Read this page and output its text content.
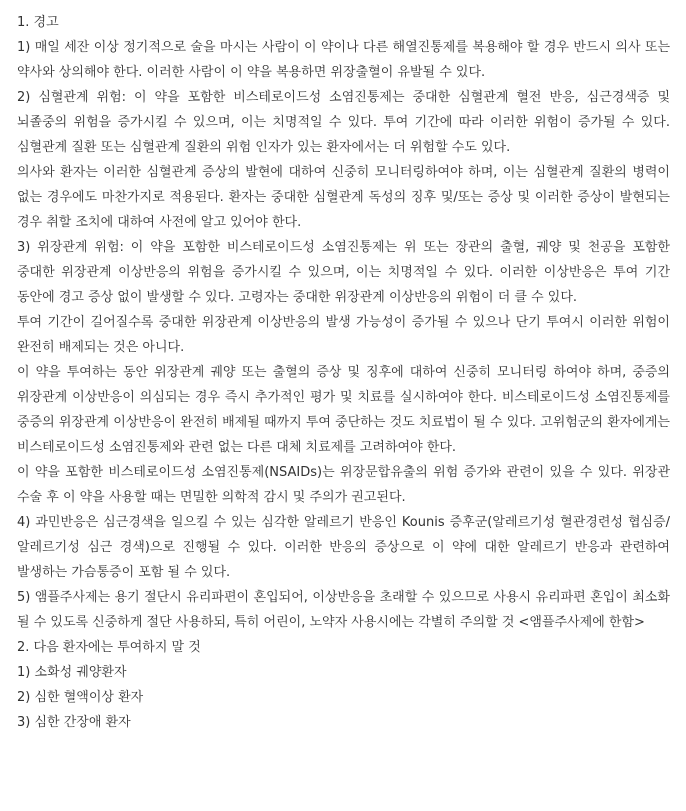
1. 경고

1) 매일 세잔 이상 정기적으로 술을 마시는 사람이 이 약이나 다른 해열진통제를 복용해야 할 경우 반드시 의사 또는 약사와 상의해야 한다. 이러한 사람이 이 약을 복용하면 위장출혈이 유발될 수 있다.

2) 심혈관계 위험: 이 약을 포함한 비스테로이드성 소염진통제는 중대한 심혈관계 혈전 반응, 심근경색증 및 뇌졸중의 위험을 증가시킬 수 있으며, 이는 치명적일 수 있다. 투여 기간에 따라 이러한 위험이 증가될 수 있다. 심혈관계 질환 또는 심혈관계 질환의 위험 인자가 있는 환자에서는 더 위험할 수도 있다.

의사와 환자는 이러한 심혈관계 증상의 발현에 대하여 신중히 모니터링하여야 하며, 이는 심혈관계 질환의 병력이 없는 경우에도 마찬가지로 적용된다. 환자는 중대한 심혈관계 독성의 징후 및/또는 증상 및 이러한 증상이 발현되는 경우 취할 조치에 대하여 사전에 알고 있어야 한다.

3) 위장관계 위험: 이 약을 포함한 비스테로이드성 소염진통제는 위 또는 장관의 출혈, 궤양 및 천공을 포함한 중대한 위장관계 이상반응의 위험을 증가시킬 수 있으며, 이는 치명적일 수 있다. 이러한 이상반응은 투여 기간 동안에 경고 증상 없이 발생할 수 있다. 고령자는 중대한 위장관계 이상반응의 위험이 더 클 수 있다.

투여 기간이 길어질수록 중대한 위장관계 이상반응의 발생 가능성이 증가될 수 있으나 단기 투여시 이러한 위험이 완전히 배제되는 것은 아니다.

이 약을 투여하는 동안 위장관계 궤양 또는 출혈의 증상 및 징후에 대하여 신중히 모니터링 하여야 하며, 중증의 위장관계 이상반응이 의심되는 경우 즉시 추가적인 평가 및 치료를 실시하여야 한다. 비스테로이드성 소염진통제를 중증의 위장관계 이상반응이 완전히 배제될 때까지 투여 중단하는 것도 치료법이 될 수 있다. 고위험군의 환자에게는 비스테로이드성 소염진통제와 관련 없는 다른 대체 치료제를 고려하여야 한다.

이 약을 포함한 비스테로이드성 소염진통제(NSAIDs)는 위장문합유출의 위험 증가와 관련이 있을 수 있다. 위장관 수술 후 이 약을 사용할 때는 면밀한 의학적 감시 및 주의가 권고된다.

4) 과민반응은 심근경색을 일으킬 수 있는 심각한 알레르기 반응인 Kounis 증후군(알레르기성 혈관경련성 협심증/알레르기성 심근 경색)으로 진행될 수 있다. 이러한 반응의 증상으로 이 약에 대한 알레르기 반응과 관련하여 발생하는 가슴통증이 포함 될 수 있다.

5) 앰플주사제는 용기 절단시 유리파편이 혼입되어, 이상반응을 초래할 수 있으므로 사용시 유리파편 혼입이 최소화 될 수 있도록 신중하게 절단 사용하되, 특히 어린이, 노약자 사용시에는 각별히 주의할 것 <앰플주사제에 한함>

2. 다음 환자에는 투여하지 말 것

1) 소화성 궤양환자

2) 심한 혈액이상 환자

3) 심한 간장애 환자
